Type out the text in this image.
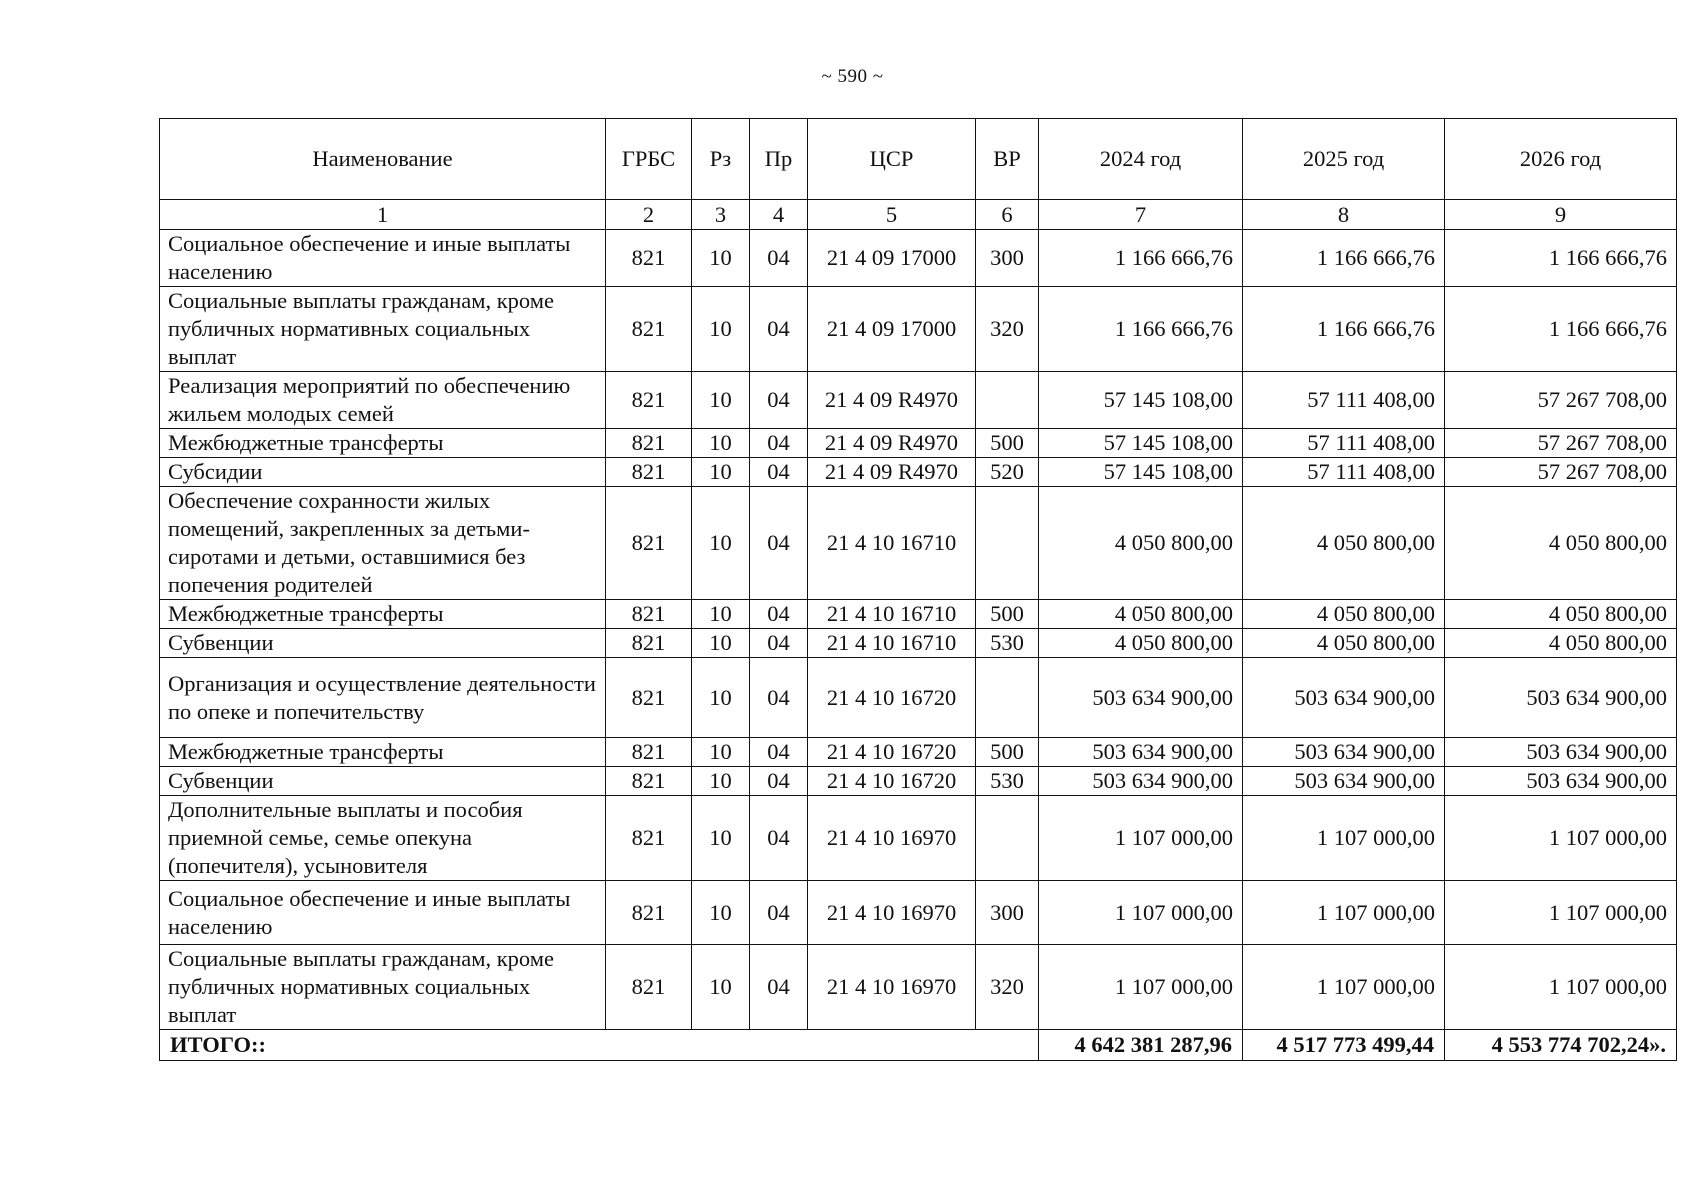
~ 590 ~
Наименование	ГРБС	Рз	Пр	ЦСР	ВР	2024 год	2025 год	2026 год
1	2	3	4	5	6	7	8	9
Социальное обеспечение и иные выплаты населению	821	10	04	21 4 09 17000	300	1 166 666,76	1 166 666,76	1 166 666,76
Социальные выплаты гражданам, кроме публичных нормативных социальных выплат	821	10	04	21 4 09 17000	320	1 166 666,76	1 166 666,76	1 166 666,76
Реализация мероприятий по обеспечению жильем молодых семей	821	10	04	21 4 09 R4970		57 145 108,00	57 111 408,00	57 267 708,00
Межбюджетные трансферты	821	10	04	21 4 09 R4970	500	57 145 108,00	57 111 408,00	57 267 708,00
Субсидии	821	10	04	21 4 09 R4970	520	57 145 108,00	57 111 408,00	57 267 708,00
Обеспечение сохранности жилых помещений, закрепленных за детьми-сиротами и детьми, оставшимися без попечения родителей	821	10	04	21 4 10 16710		4 050 800,00	4 050 800,00	4 050 800,00
Межбюджетные трансферты	821	10	04	21 4 10 16710	500	4 050 800,00	4 050 800,00	4 050 800,00
Субвенции	821	10	04	21 4 10 16710	530	4 050 800,00	4 050 800,00	4 050 800,00
Организация и осуществление деятельности по опеке и попечительству	821	10	04	21 4 10 16720		503 634 900,00	503 634 900,00	503 634 900,00
Межбюджетные трансферты	821	10	04	21 4 10 16720	500	503 634 900,00	503 634 900,00	503 634 900,00
Субвенции	821	10	04	21 4 10 16720	530	503 634 900,00	503 634 900,00	503 634 900,00
Дополнительные выплаты и пособия приемной семье, семье опекуна (попечителя), усыновителя	821	10	04	21 4 10 16970		1 107 000,00	1 107 000,00	1 107 000,00
Социальное обеспечение и иные выплаты населению	821	10	04	21 4 10 16970	300	1 107 000,00	1 107 000,00	1 107 000,00
Социальные выплаты гражданам, кроме публичных нормативных социальных выплат	821	10	04	21 4 10 16970	320	1 107 000,00	1 107 000,00	1 107 000,00
ИТОГО::						4 642 381 287,96	4 517 773 499,44	4 553 774 702,24».
